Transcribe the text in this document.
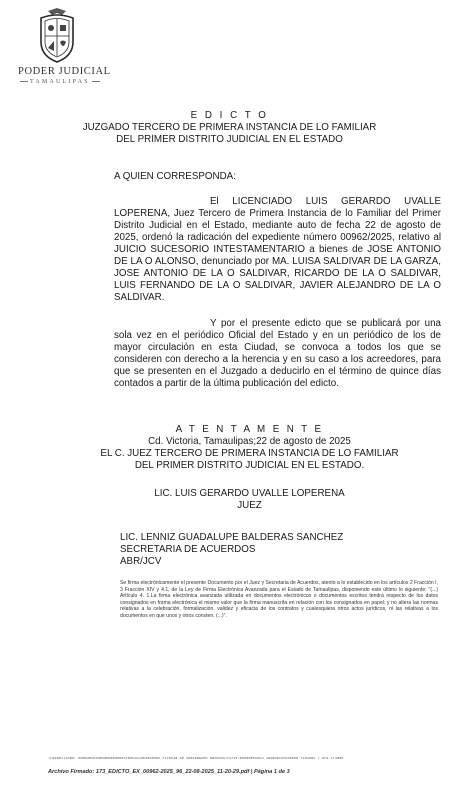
PODER JUDICIAL
TAMAULIPAS
E D I C T O
JUZGADO TERCERO DE PRIMERA INSTANCIA DE LO FAMILIAR
DEL PRIMER DISTRITO JUDICIAL EN EL ESTADO
A QUIEN CORRESPONDA:

El LICENCIADO LUIS GERARDO UVALLE LOPERENA, Juez Tercero de Primera Instancia de lo Familiar del Primer Distrito Judicial en el Estado, mediante auto de fecha 22 de agosto de 2025, ordenó la radicación del expediente número 00962/2025, relativo al JUICIO SUCESORIO INTESTAMENTARIO a bienes de JOSE ANTONIO DE LA O ALONSO, denunciado por MA. LUISA SALDIVAR DE LA GARZA, JOSE ANTONIO DE LA O SALDIVAR, RICARDO DE LA O SALDIVAR, LUIS FERNANDO DE LA O SALDIVAR, JAVIER ALEJANDRO DE LA O SALDIVAR.

Y por el presente edicto que se publicará por una sola vez en el periódico Oficial del Estado y en un periódico de los de mayor circulación en esta Ciudad, se convoca a todos los que se consideren con derecho a la herencia y en su caso a los acreedores, para que se presenten en el Juzgado a deducirlo en el término de quince días contados a partir de la última publicación del edicto.

A T E N T A M E N T E
Cd. Victoria, Tamaulipas;22 de agosto de 2025
EL C. JUEZ TERCERO DE PRIMERA INSTANCIA DE LO FAMILIAR
DEL PRIMER DISTRITO JUDICIAL EN EL ESTADO.
LIC. LUIS GERARDO UVALLE LOPERENA
JUEZ
LIC. LENNIZ GUADALUPE BALDERAS SANCHEZ
SECRETARIA DE ACUERDOS
ABR/JCV

Se firma electrónicamente el presente Documento por el Juez y Secretaria de Acuerdos, atento a lo establecido en los artículos 2 Fracción I, 3 Fracción XIV y 4.1, de la Ley de Firma Electrónica Avanzada para el Estado de Tamaulipas, disponiendo este último lo siguiente: "(...) Artículo 4. 1.La firma electrónica avanzada utilizada en documentos electrónicos o documentos escritos tendrá respecto de los datos consignados en forma electrónica el mismo valor que la firma manuscrita en relación con los consignados en papel; y no altera las normas relativas a la celebración, formalización, validez y eficacia de los contratos y cualesquiera otros actos jurídicos, ni las relativas a los documentos en que unos y otros consten. (...)".

Trazabilidad: 80a83e5e8de5ad6ee8e8e3f6e52833e3a4e0b2 f1fec2a 8e 4ea1ba62e0 8a2b3d37f5f9f7e6ea0e5c8c3 1a1a0b1c5c2a5b6 f1a4d95 7 4f8 1f1a0e
Archivo Firmado: 173_EDICTO_EX_00962-2025_96_22-08-2025_11-20-29.pdf | Página 1 de 3
